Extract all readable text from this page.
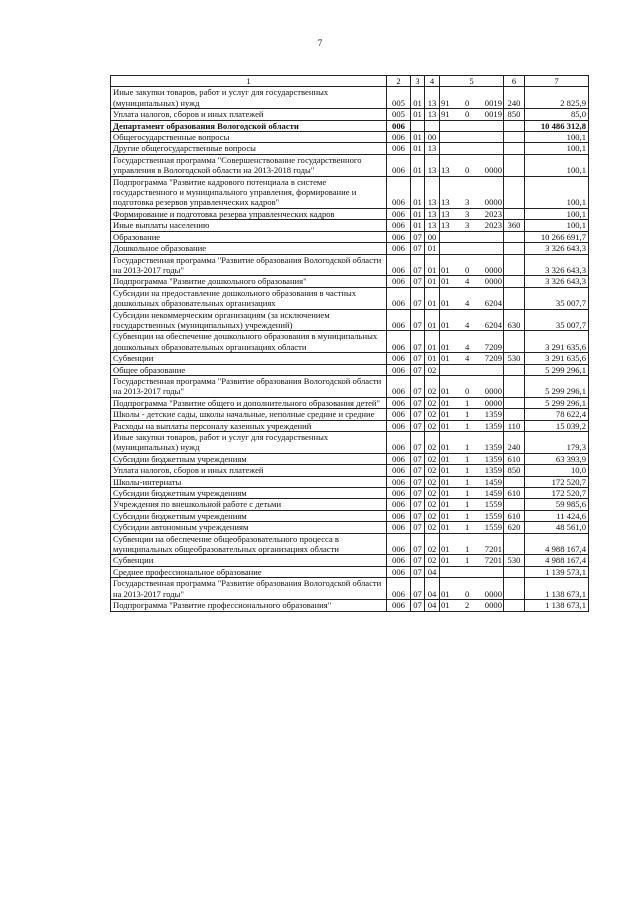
7
1	2	3	4	5	6	7
Иные закупки товаров, работ и услуг для государственных (муниципальных) нужд	005	01	13	91 0 0019	240	2 825,9
Уплата налогов, сборов и иных платежей	005	01	13	91 0 0019	850	85,0
Департамент образования Вологодской области	006					10 486 312,8
Общегосударственные вопросы	006	01	00			100,1
Другие общегосударственные вопросы	006	01	13			100,1
Государственная программа "Совершенствование государственного управления в Вологодской области на 2013-2018 годы"	006	01	13	13 0 0000		100,1
Подпрограмма "Развитие кадрового потенциала в системе государственного и муниципального управления, формирование и подготовка резервов управленческих кадров"	006	01	13	13 3 0000		100,1
Формирование и подготовка резерва управленческих кадров	006	01	13	13 3 2023		100,1
Иные выплаты населению	006	01	13	13 3 2023	360	100,1
Образование	006	07	00			10 266 691,7
Дошкольное образование	006	07	01			3 326 643,3
Государственная программа "Развитие образования Вологодской области на 2013-2017 годы"	006	07	01	01 0 0000		3 326 643,3
Подпрограмма "Развитие дошкольного образования"	006	07	01	01 4 0000		3 326 643,3
Субсидии на предоставление дошкольного образования в частных дошкольных образовательных организациях	006	07	01	01 4 6204		35 007,7
Субсидии некоммерческим организациям (за исключением государственных (муниципальных) учреждений)	006	07	01	01 4 6204	630	35 007,7
Субвенции на обеспечение дошкольного образования в муниципальных дошкольных образовательных организациях области	006	07	01	01 4 7209		3 291 635,6
Субвенции	006	07	01	01 4 7209	530	3 291 635,6
Общее образование	006	07	02			5 299 296,1
Государственная программа "Развитие образования Вологодской области на 2013-2017 годы"	006	07	02	01 0 0000		5 299 296,1
Подпрограмма "Развитие общего и дополнительного образования детей"	006	07	02	01 1 0000		5 299 296,1
Школы - детские сады, школы начальные, неполные средние и средние	006	07	02	01 1 1359		78 622,4
Расходы на выплаты персоналу казенных учреждений	006	07	02	01 1 1359	110	15 039,2
Иные закупки товаров, работ и услуг для государственных (муниципальных) нужд	006	07	02	01 1 1359	240	179,3
Субсидии бюджетным учреждениям	006	07	02	01 1 1359	610	63 393,9
Уплата налогов, сборов и иных платежей	006	07	02	01 1 1359	850	10,0
Школы-интернаты	006	07	02	01 1 1459		172 520,7
Субсидии бюджетным учреждениям	006	07	02	01 1 1459	610	172 520,7
Учреждения по внешкольной работе с детьми	006	07	02	01 1 1559		59 985,6
Субсидии бюджетным учреждениям	006	07	02	01 1 1559	610	11 424,6
Субсидии автономным учреждениям	006	07	02	01 1 1559	620	48 561,0
Субвенции на обеспечение общеобразовательного процесса в муниципальных общеобразовательных организациях области	006	07	02	01 1 7201		4 988 167,4
Субвенции	006	07	02	01 1 7201	530	4 988 167,4
Среднее профессиональное образование	006	07	04			1 139 573,1
Государственная программа "Развитие образования Вологодской области на 2013-2017 годы"	006	07	04	01 0 0000		1 138 673,1
Подпрограмма "Развитие профессионального образования"	006	07	04	01 2 0000		1 138 673,1
